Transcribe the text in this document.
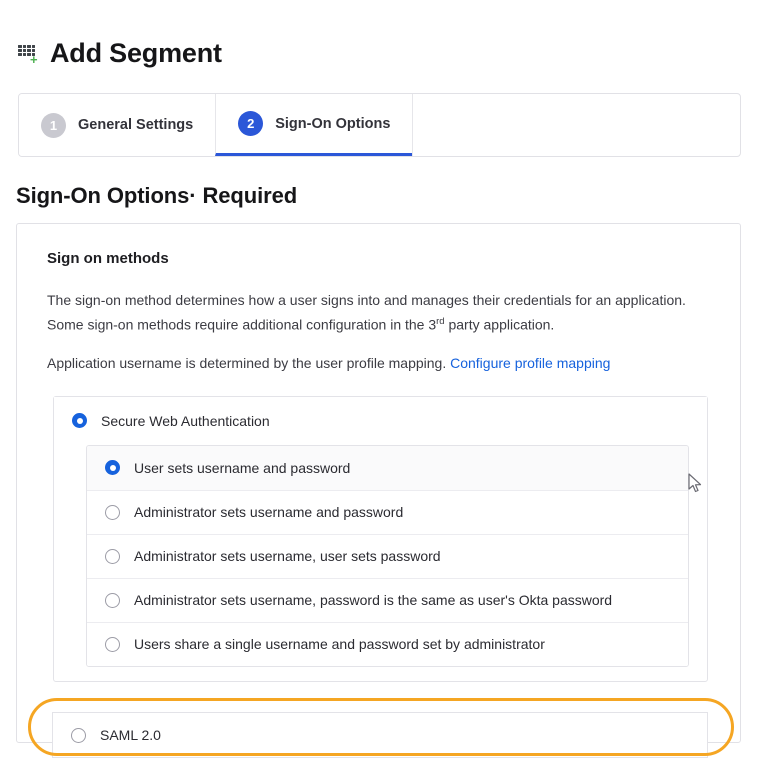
+ Add Segment
1	General Settings	2	Sign-On Options
Sign-On Options· Required
Sign on methods

The sign-on method determines how a user signs into and manages their credentials for an application. Some sign-on methods require additional configuration in the 3rd party application.

Application username is determined by the user profile mapping. Configure profile mapping

Secure Web Authentication
User sets username and password
Administrator sets username and password
Administrator sets username, user sets password
Administrator sets username, password is the same as user's Okta password
Users share a single username and password set by administrator
SAML 2.0
